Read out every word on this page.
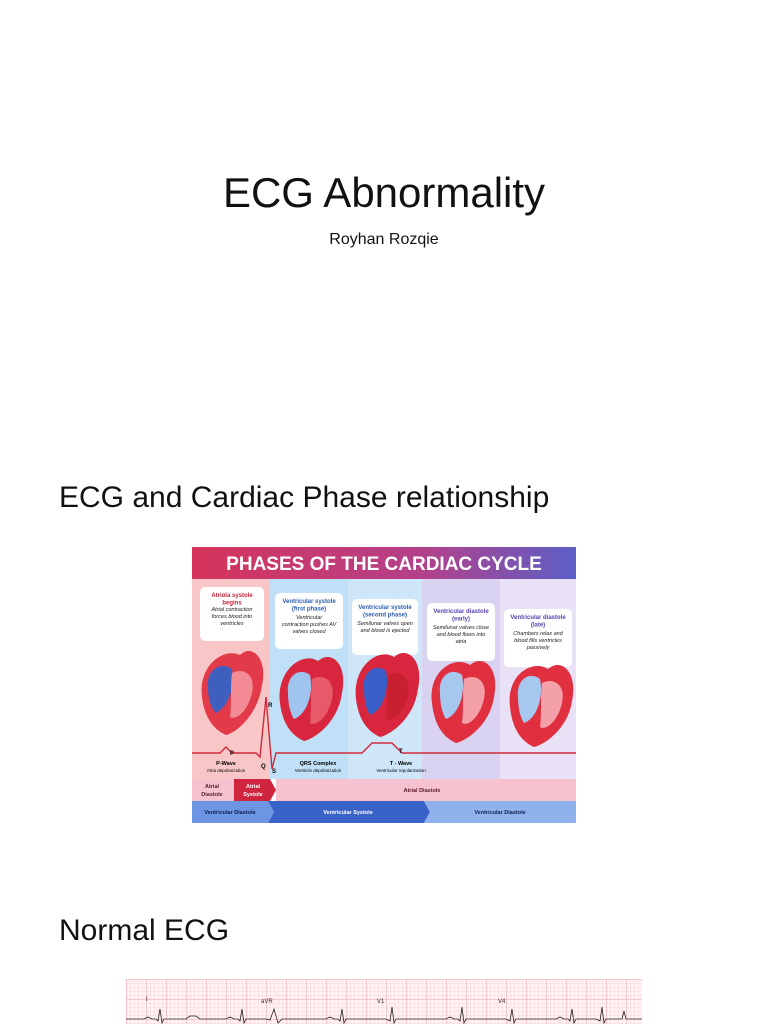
ECG Abnormality
Royhan Rozqie
ECG and Cardiac Phase relationship
PHASES OF THE CARDIAC CYCLE
Atriola systole begins
Atrial contraction forces blood into ventricles
Ventricular systole (first phase)
Ventricular contraction pushes AV valves closed
Ventricular systole (second phase)
Semilunar valves open and blood is ejected
Ventricular diastole (early)
Semilunar valves close and blood flows into atria
Ventricular diastole (late)
Chambers relax and blood fills ventricles passively
R
P
Q
S
T
P-Wave
Atria depolarization
QRS Complex
Ventricle depolarization
T - Wave
Ventricular repolarization
Atrial
Diastole
Atrial
Systole
Atrial Diastole
Ventricular Diastole	Ventricular Systole	Ventricular Diastole
Normal ECG
I	aVR	V1	V4
